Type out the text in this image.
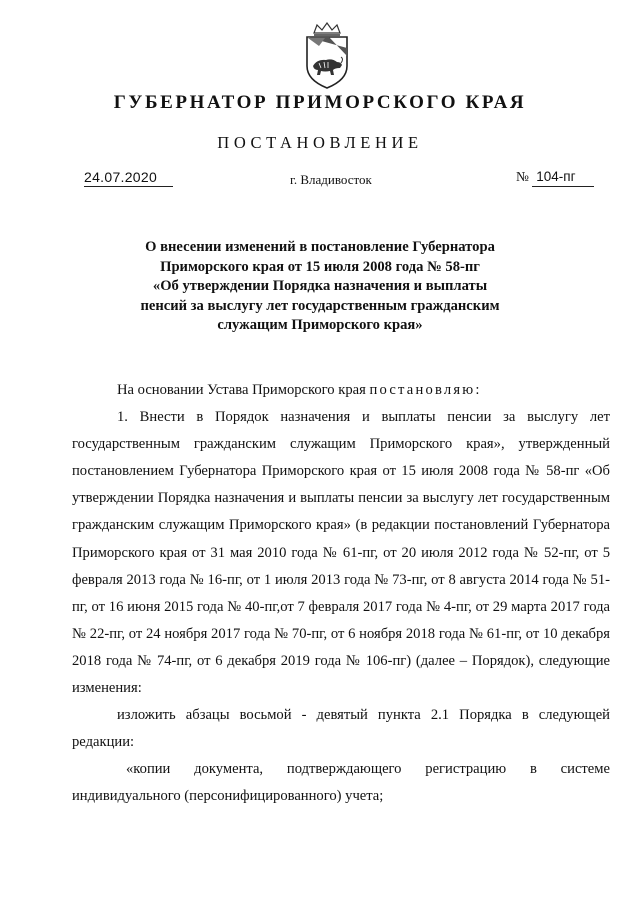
ГУБЕРНАТОР ПРИМОРСКОГО КРАЯ
ПОСТАНОВЛЕНИЕ
24.07.2020	г. Владивосток	№ 104-пг
О внесении изменений в постановление Губернатора
Приморского края от 15 июля 2008 года № 58-пг
«Об утверждении Порядка назначения и выплаты
пенсий за выслугу лет государственным гражданским
служащим Приморского края»

На основании Устава Приморского края постановляю:

1. Внести в Порядок назначения и выплаты пенсии за выслугу лет государственным гражданским служащим Приморского края», утвержденный постановлением Губернатора Приморского края от 15 июля 2008 года № 58-пг «Об утверждении Порядка назначения и выплаты пенсии за выслугу лет государственным гражданским служащим Приморского края» (в редакции постановлений Губернатора Приморского края от 31 мая 2010 года № 61-пг, от 20 июля 2012 года № 52-пг, от 5 февраля 2013 года № 16-пг, от 1 июля 2013 года № 73-пг, от 8 августа 2014 года № 51-пг, от 16 июня 2015 года № 40-пг,от 7 февраля 2017 года № 4-пг, от 29 марта 2017 года № 22-пг, от 24 ноября 2017 года № 70-пг, от 6 ноября 2018 года № 61-пг, от 10 декабря 2018 года № 74-пг, от 6 декабря 2019 года № 106-пг) (далее – Порядок), следующие изменения:

изложить абзацы восьмой - девятый пункта 2.1 Порядка в следующей редакции:

«копии документа, подтверждающего регистрацию в системе индивидуального (персонифицированного) учета;
